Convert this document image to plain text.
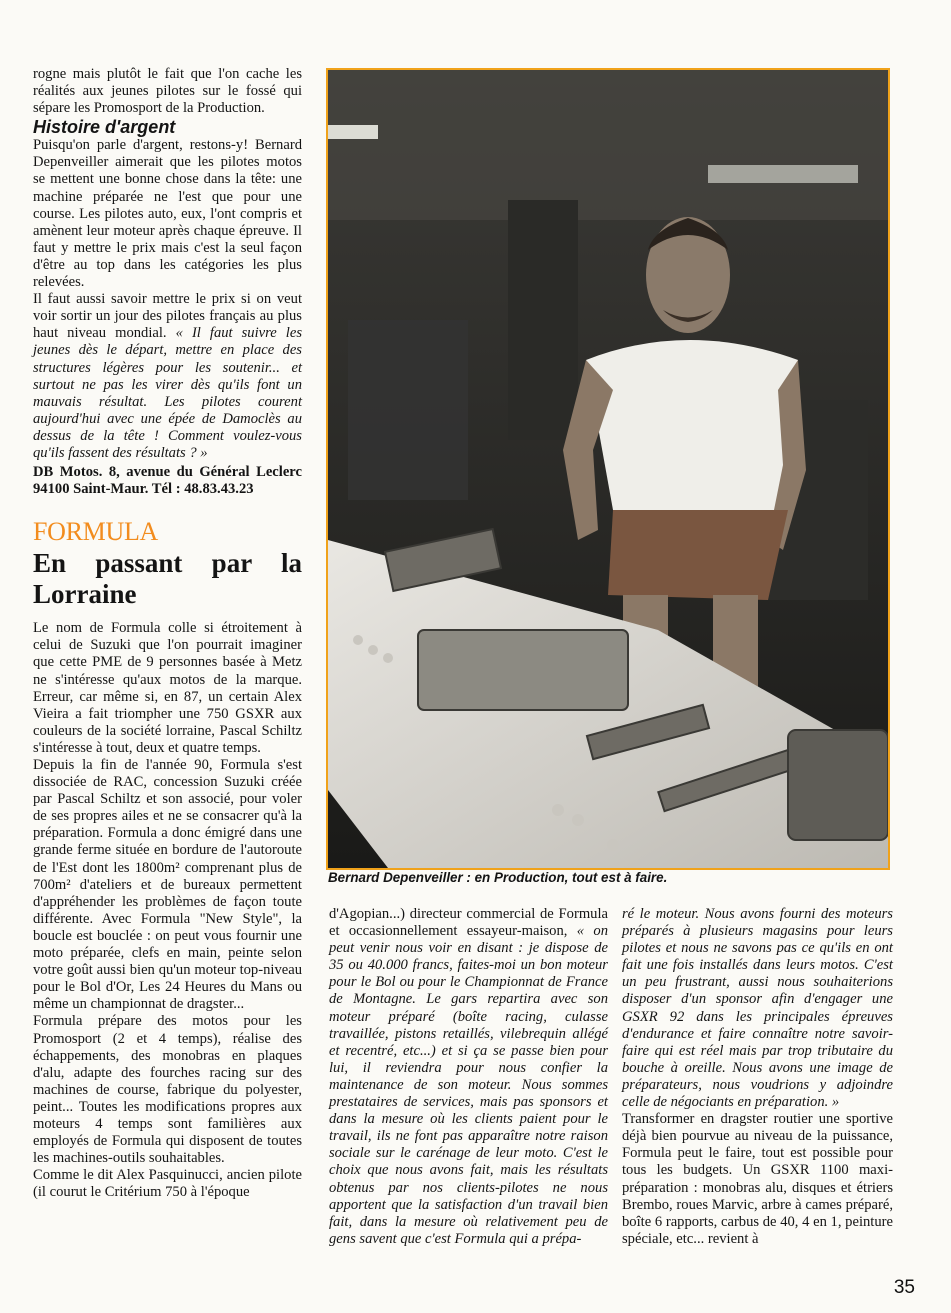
rogne mais plutôt le fait que l'on cache les réalités aux jeunes pilotes sur le fossé qui sépare les Promosport de la Production.

Histoire d'argent

Puisqu'on parle d'argent, restons-y! Bernard Depenveiller aimerait que les pilotes motos se mettent une bonne chose dans la tête: une machine préparée ne l'est que pour une course. Les pilotes auto, eux, l'ont compris et amènent leur moteur après chaque épreuve. Il faut y mettre le prix mais c'est la seul façon d'être au top dans les catégories les plus relevées.

Il faut aussi savoir mettre le prix si on veut voir sortir un jour des pilotes français au plus haut niveau mondial. « Il faut suivre les jeunes dès le départ, mettre en place des structures légères pour les soutenir... et surtout ne pas les virer dès qu'ils font un mauvais résultat. Les pilotes courent aujourd'hui avec une épée de Damoclès au dessus de la tête ! Comment voulez-vous qu'ils fassent des résultats ? »

DB Motos. 8, avenue du Général Leclerc 94100 Saint-Maur. Tél : 48.83.43.23

FORMULA

En passant par la Lorraine

Le nom de Formula colle si étroitement à celui de Suzuki que l'on pourrait imaginer que cette PME de 9 personnes basée à Metz ne s'intéresse qu'aux motos de la marque. Erreur, car même si, en 87, un certain Alex Vieira a fait triompher une 750 GSXR aux couleurs de la société lorraine, Pascal Schiltz s'intéresse à tout, deux et quatre temps.

Depuis la fin de l'année 90, Formula s'est dissociée de RAC, concession Suzuki créée par Pascal Schiltz et son associé, pour voler de ses propres ailes et ne se consacrer qu'à la préparation. Formula a donc émigré dans une grande ferme située en bordure de l'autoroute de l'Est dont les 1800m² comprenant plus de 700m² d'ateliers et de bureaux permettent d'appréhender les problèmes de façon toute différente. Avec Formula "New Style", la boucle est bouclée : on peut vous fournir une moto préparée, clefs en main, peinte selon votre goût aussi bien qu'un moteur top-niveau pour le Bol d'Or, Les 24 Heures du Mans ou même un championnat de dragster...

Formula prépare des motos pour les Promosport (2 et 4 temps), réalise des échappements, des monobras en plaques d'alu, adapte des fourches racing sur des machines de course, fabrique du polyester, peint... Toutes les modifications propres aux moteurs 4 temps sont familières aux employés de Formula qui disposent de toutes les machines-outils souhaitables.

Comme le dit Alex Pasquinucci, ancien pilote (il courut le Critérium 750 à l'époque

Bernard Depenveiller : en Production, tout est à faire.

d'Agopian...) directeur commercial de Formula et occasionnellement essayeur-maison, « on peut venir nous voir en disant : je dispose de 35 ou 40.000 francs, faites-moi un bon moteur pour le Bol ou pour le Championnat de France de Montagne. Le gars repartira avec son moteur préparé (boîte racing, culasse travaillée, pistons retaillés, vilebrequin allégé et recentré, etc...) et si ça se passe bien pour lui, il reviendra pour nous confier la maintenance de son moteur. Nous sommes prestataires de services, mais pas sponsors et dans la mesure où les clients paient pour le travail, ils ne font pas apparaître notre raison sociale sur le carénage de leur moto. C'est le choix que nous avons fait, mais les résultats obtenus par nos clients-pilotes ne nous apportent que la satisfaction d'un travail bien fait, dans la mesure où relativement peu de gens savent que c'est Formula qui a prépa-

ré le moteur. Nous avons fourni des moteurs préparés à plusieurs magasins pour leurs pilotes et nous ne savons pas ce qu'ils en ont fait une fois installés dans leurs motos. C'est un peu frustrant, aussi nous souhaiterions disposer d'un sponsor afin d'engager une GSXR 92 dans les principales épreuves d'endurance et faire connaître notre savoir-faire qui est réel mais par trop tributaire du bouche à oreille. Nous avons une image de préparateurs, nous voudrions y adjoindre celle de négociants en préparation. »

Transformer en dragster routier une sportive déjà bien pourvue au niveau de la puissance, Formula peut le faire, tout est possible pour tous les budgets. Un GSXR 1100 maxi-préparation : monobras alu, disques et étriers Brembo, roues Marvic, arbre à cames préparé, boîte 6 rapports, carbus de 40, 4 en 1, peinture spéciale, etc... revient à

35
